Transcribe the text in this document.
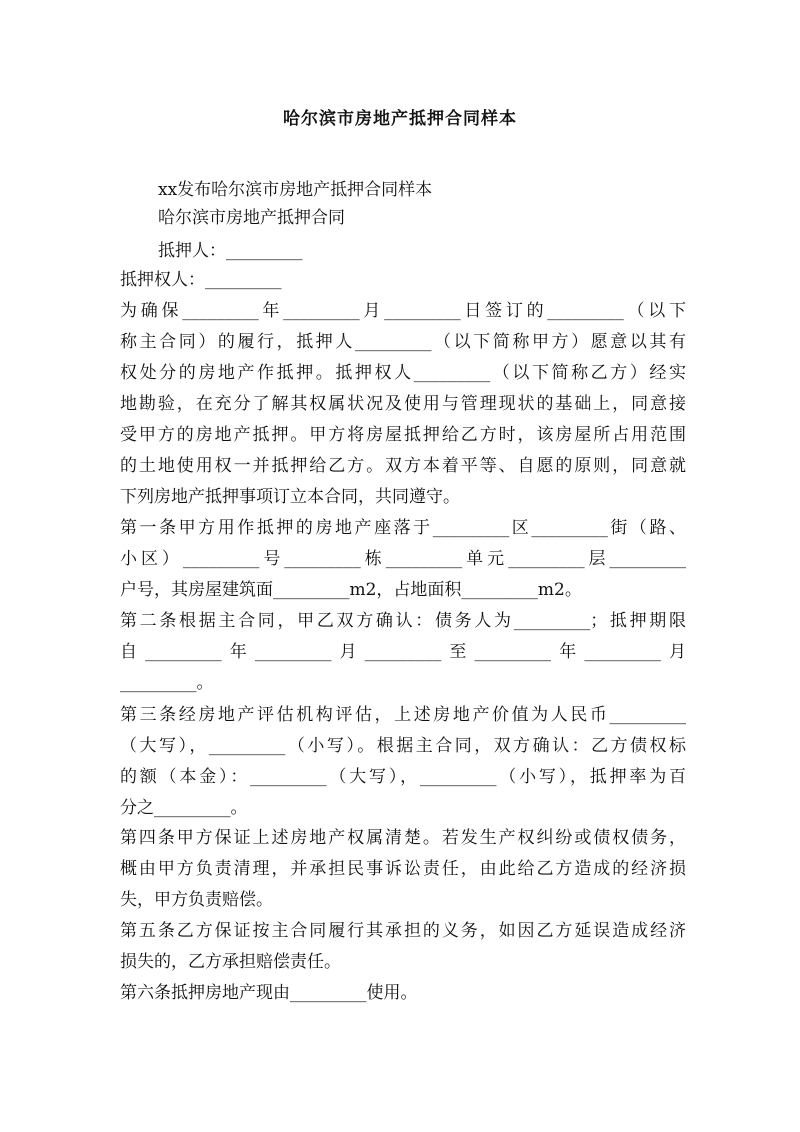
哈尔滨市房地产抵押合同样本
xx发布哈尔滨市房地产抵押合同样本
哈尔滨市房地产抵押合同
抵押人：_________
抵押权人：_________
为确保_________年_________月_________日签订的_________（以下
称主合同）的履行，抵押人_________（以下简称甲方）愿意以其有
权处分的房地产作抵押。抵押权人_________（以下简称乙方）经实
地勘验，在充分了解其权属状况及使用与管理现状的基础上，同意接
受甲方的房地产抵押。甲方将房屋抵押给乙方时，该房屋所占用范围
的土地使用权一并抵押给乙方。双方本着平等、自愿的原则，同意就
下列房地产抵押事项订立本合同，共同遵守。
第一条甲方用作抵押的房地产座落于_________区_________街（路、
小区）_________号_________栋_________单元_________层_________
户号，其房屋建筑面_________m2，占地面积_________m2。
第二条根据主合同，甲乙双方确认：债务人为_________；抵押期限
自_________年_________月_________至_________年_________月
_________。
第三条经房地产评估机构评估，上述房地产价值为人民币_________
（大写），_________（小写）。根据主合同，双方确认：乙方债权标
的额（本金）：_________（大写），_________（小写），抵押率为百
分之_________。
第四条甲方保证上述房地产权属清楚。若发生产权纠纷或债权债务，
概由甲方负责清理，并承担民事诉讼责任，由此给乙方造成的经济损
失，甲方负责赔偿。
第五条乙方保证按主合同履行其承担的义务，如因乙方延误造成经济
损失的，乙方承担赔偿责任。
第六条抵押房地产现由_________使用。
